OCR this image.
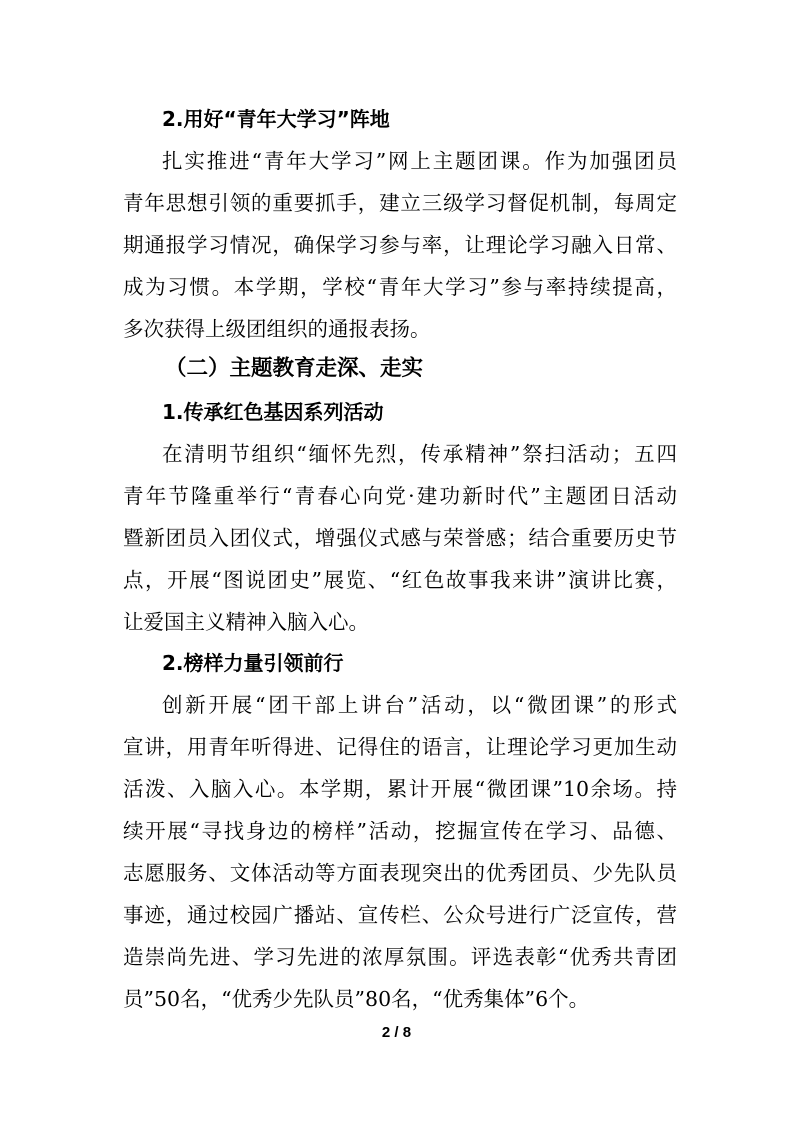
2.用好“青年大学习”阵地
扎实推进“青年大学习”网上主题团课。作为加强团员
青年思想引领的重要抓手，建立三级学习督促机制，每周定
期通报学习情况，确保学习参与率，让理论学习融入日常、
成为习惯。本学期，学校“青年大学习”参与率持续提高，
多次获得上级团组织的通报表扬。
（二）主题教育走深、走实
1.传承红色基因系列活动
在清明节组织“缅怀先烈，传承精神”祭扫活动；五四
青年节隆重举行“青春心向党·建功新时代”主题团日活动
暨新团员入团仪式，增强仪式感与荣誉感；结合重要历史节
点，开展“图说团史”展览、“红色故事我来讲”演讲比赛，
让爱国主义精神入脑入心。
2.榜样力量引领前行
创新开展“团干部上讲台”活动，以“微团课”的形式
宣讲，用青年听得进、记得住的语言，让理论学习更加生动
活泼、入脑入心。本学期，累计开展“微团课”10余场。持
续开展“寻找身边的榜样”活动，挖掘宣传在学习、品德、
志愿服务、文体活动等方面表现突出的优秀团员、少先队员
事迹，通过校园广播站、宣传栏、公众号进行广泛宣传，营
造崇尚先进、学习先进的浓厚氛围。评选表彰“优秀共青团
员”50名，“优秀少先队员”80名，“优秀集体”6个。
2 / 8
